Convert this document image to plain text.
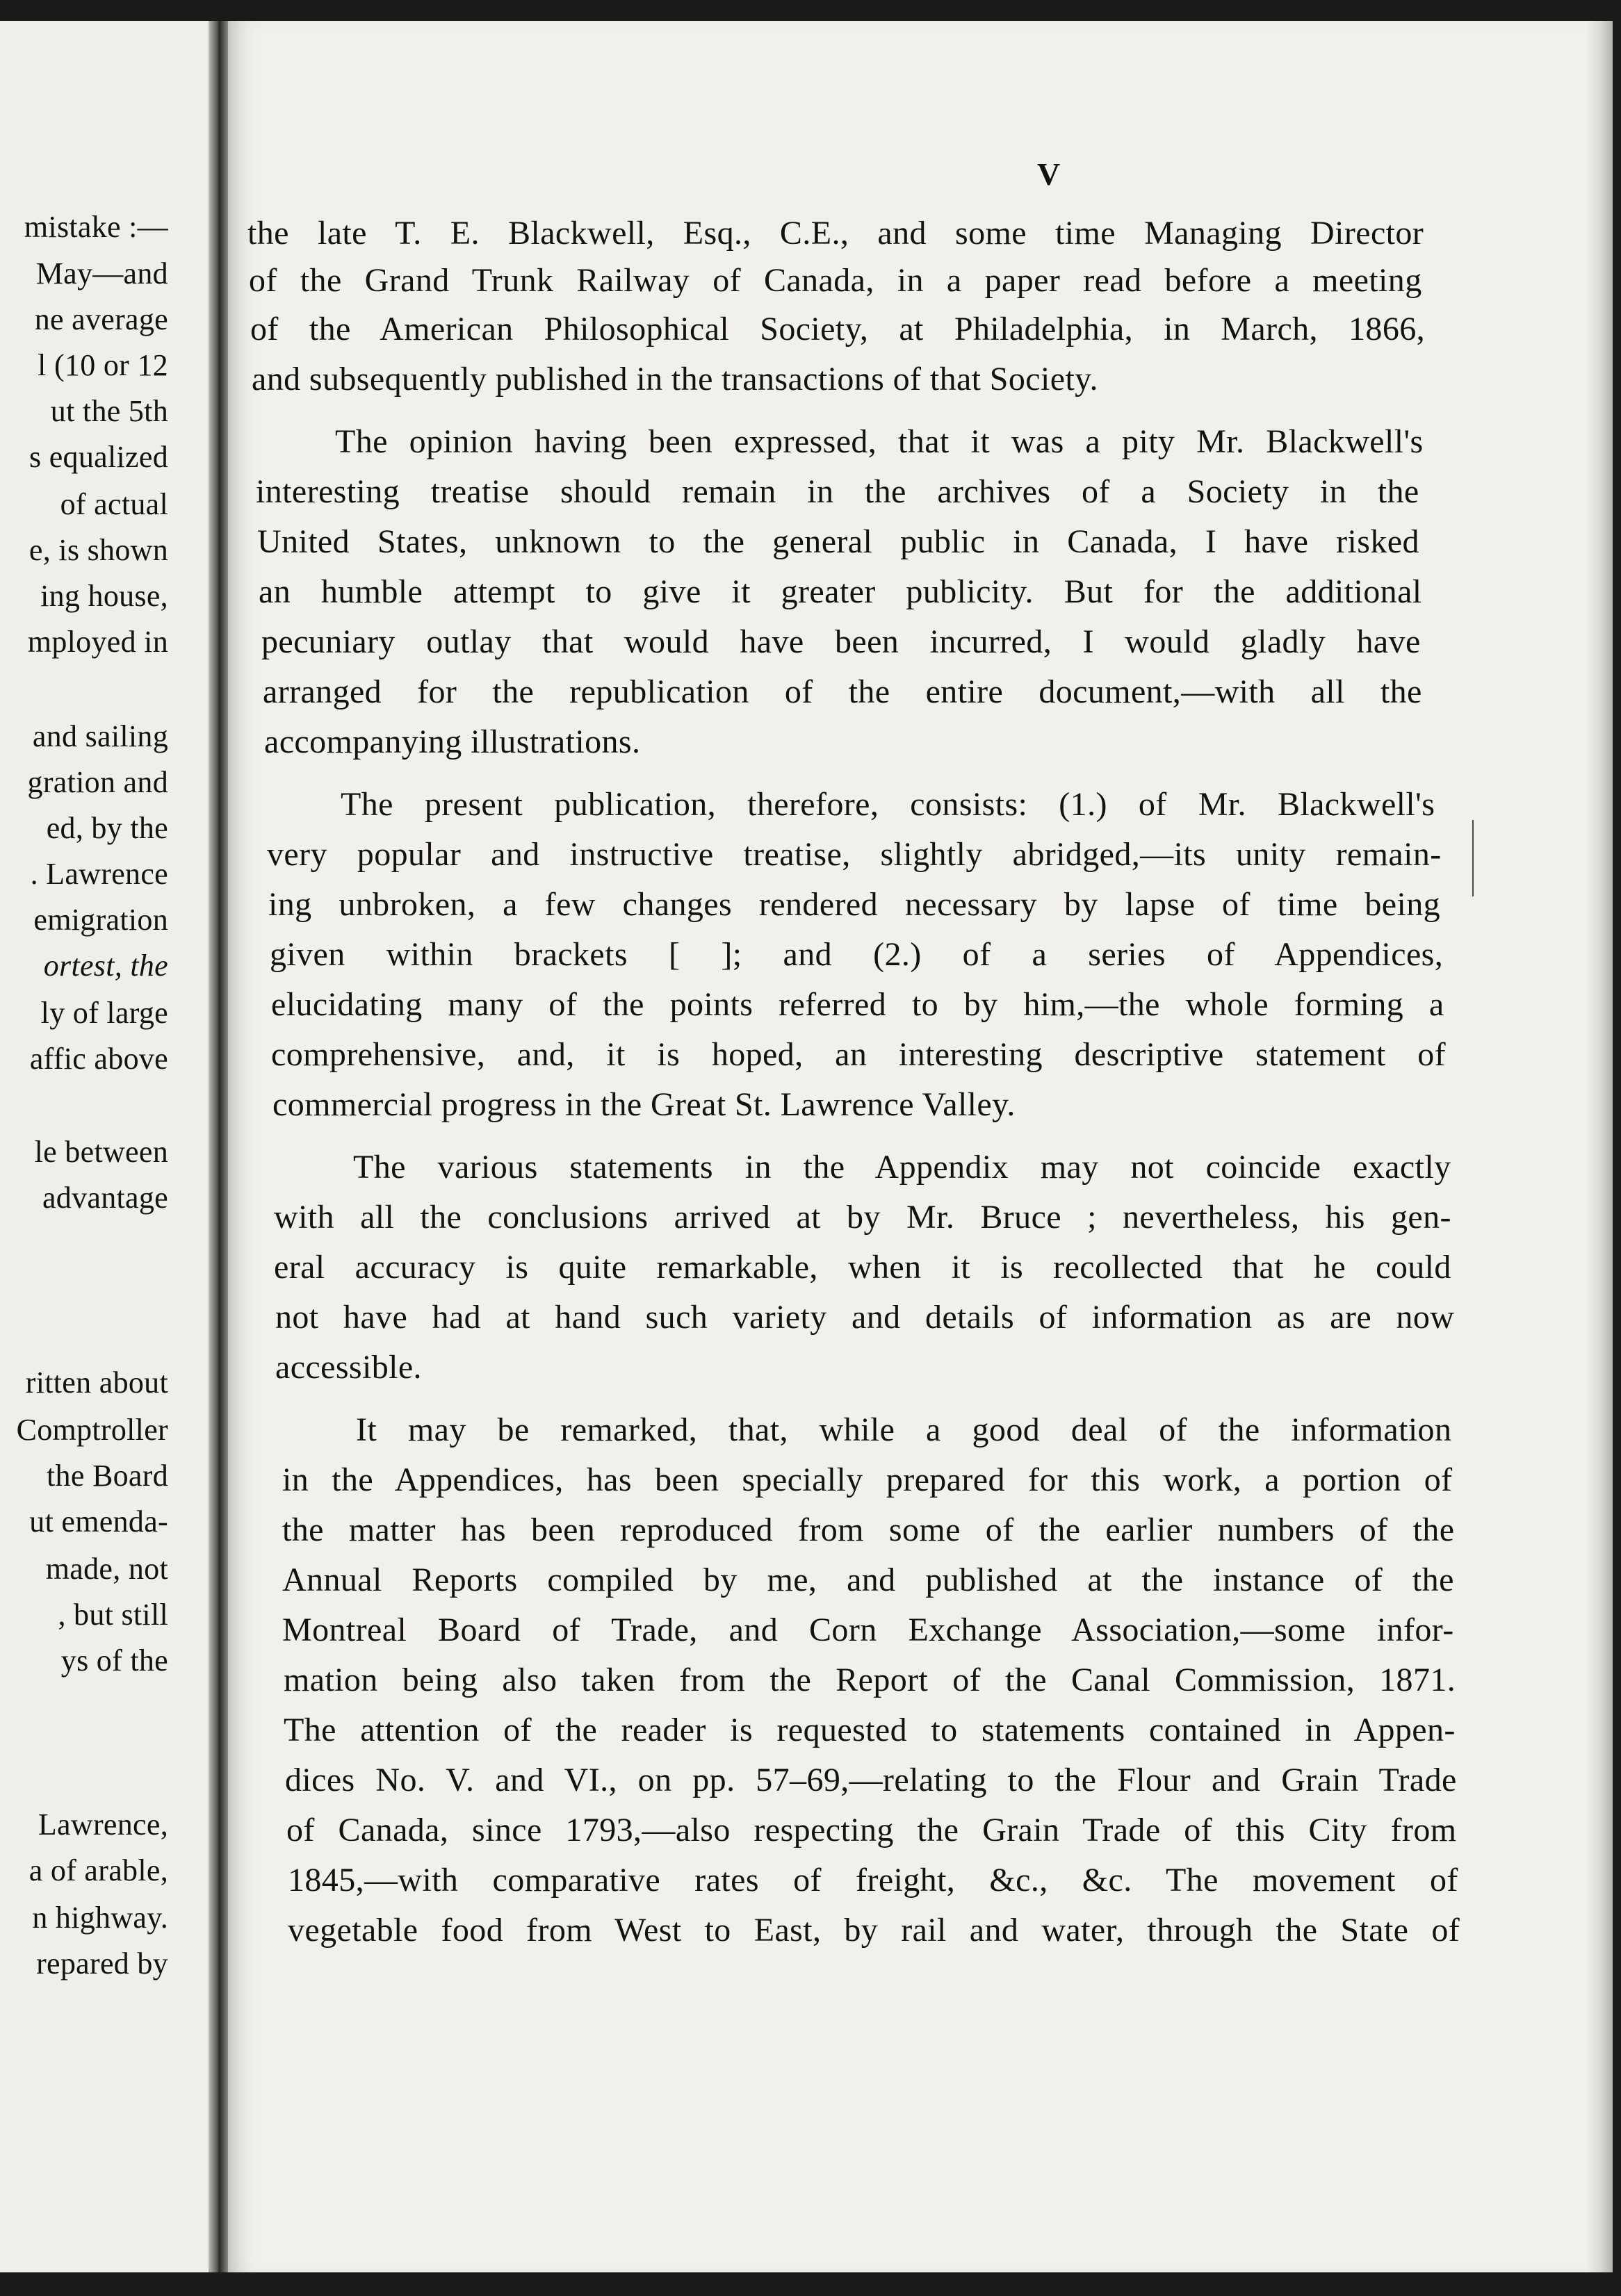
mistake :—
May—and
ne average
l (10 or 12
ut the 5th
s equalized
of actual
e, is shown
ing house,
mployed in
and sailing
gration and
ed, by the
. Lawrence
emigration
ortest, the
ly of large
affic above
le between
advantage
ritten about
Comptroller
the Board
ut emenda-
made, not
, but still
ys of the
Lawrence,
a of arable,
n highway.
repared by
V
the late T. E. Blackwell, Esq., C.E., and some time Managing Director
of the Grand Trunk Railway of Canada, in a paper read before a meeting
of the American Philosophical Society, at Philadelphia, in March, 1866,
and subsequently published in the transactions of that Society.
The opinion having been expressed, that it was a pity Mr. Blackwell's
interesting treatise should remain in the archives of a Society in the
United States, unknown to the general public in Canada, I have risked
an humble attempt to give it greater publicity. But for the additional
pecuniary outlay that would have been incurred, I would gladly have
arranged for the republication of the entire document,—with all the
accompanying illustrations.
The present publication, therefore, consists: (1.) of Mr. Blackwell's
very popular and instructive treatise, slightly abridged,—its unity remain-
ing unbroken, a few changes rendered necessary by lapse of time being
given within brackets [ ]; and (2.) of a series of Appendices,
elucidating many of the points referred to by him,—the whole forming a
comprehensive, and, it is hoped, an interesting descriptive statement of
commercial progress in the Great St. Lawrence Valley.
The various statements in the Appendix may not coincide exactly
with all the conclusions arrived at by Mr. Bruce ; nevertheless, his gen-
eral accuracy is quite remarkable, when it is recollected that he could
not have had at hand such variety and details of information as are now
accessible.
It may be remarked, that, while a good deal of the information
in the Appendices, has been specially prepared for this work, a portion of
the matter has been reproduced from some of the earlier numbers of the
Annual Reports compiled by me, and published at the instance of the
Montreal Board of Trade, and Corn Exchange Association,—some infor-
mation being also taken from the Report of the Canal Commission, 1871.
The attention of the reader is requested to statements contained in Appen-
dices No. V. and VI., on pp. 57–69,—relating to the Flour and Grain Trade
of Canada, since 1793,—also respecting the Grain Trade of this City from
1845,—with comparative rates of freight, &c., &c. The movement of
vegetable food from West to East, by rail and water, through the State of
